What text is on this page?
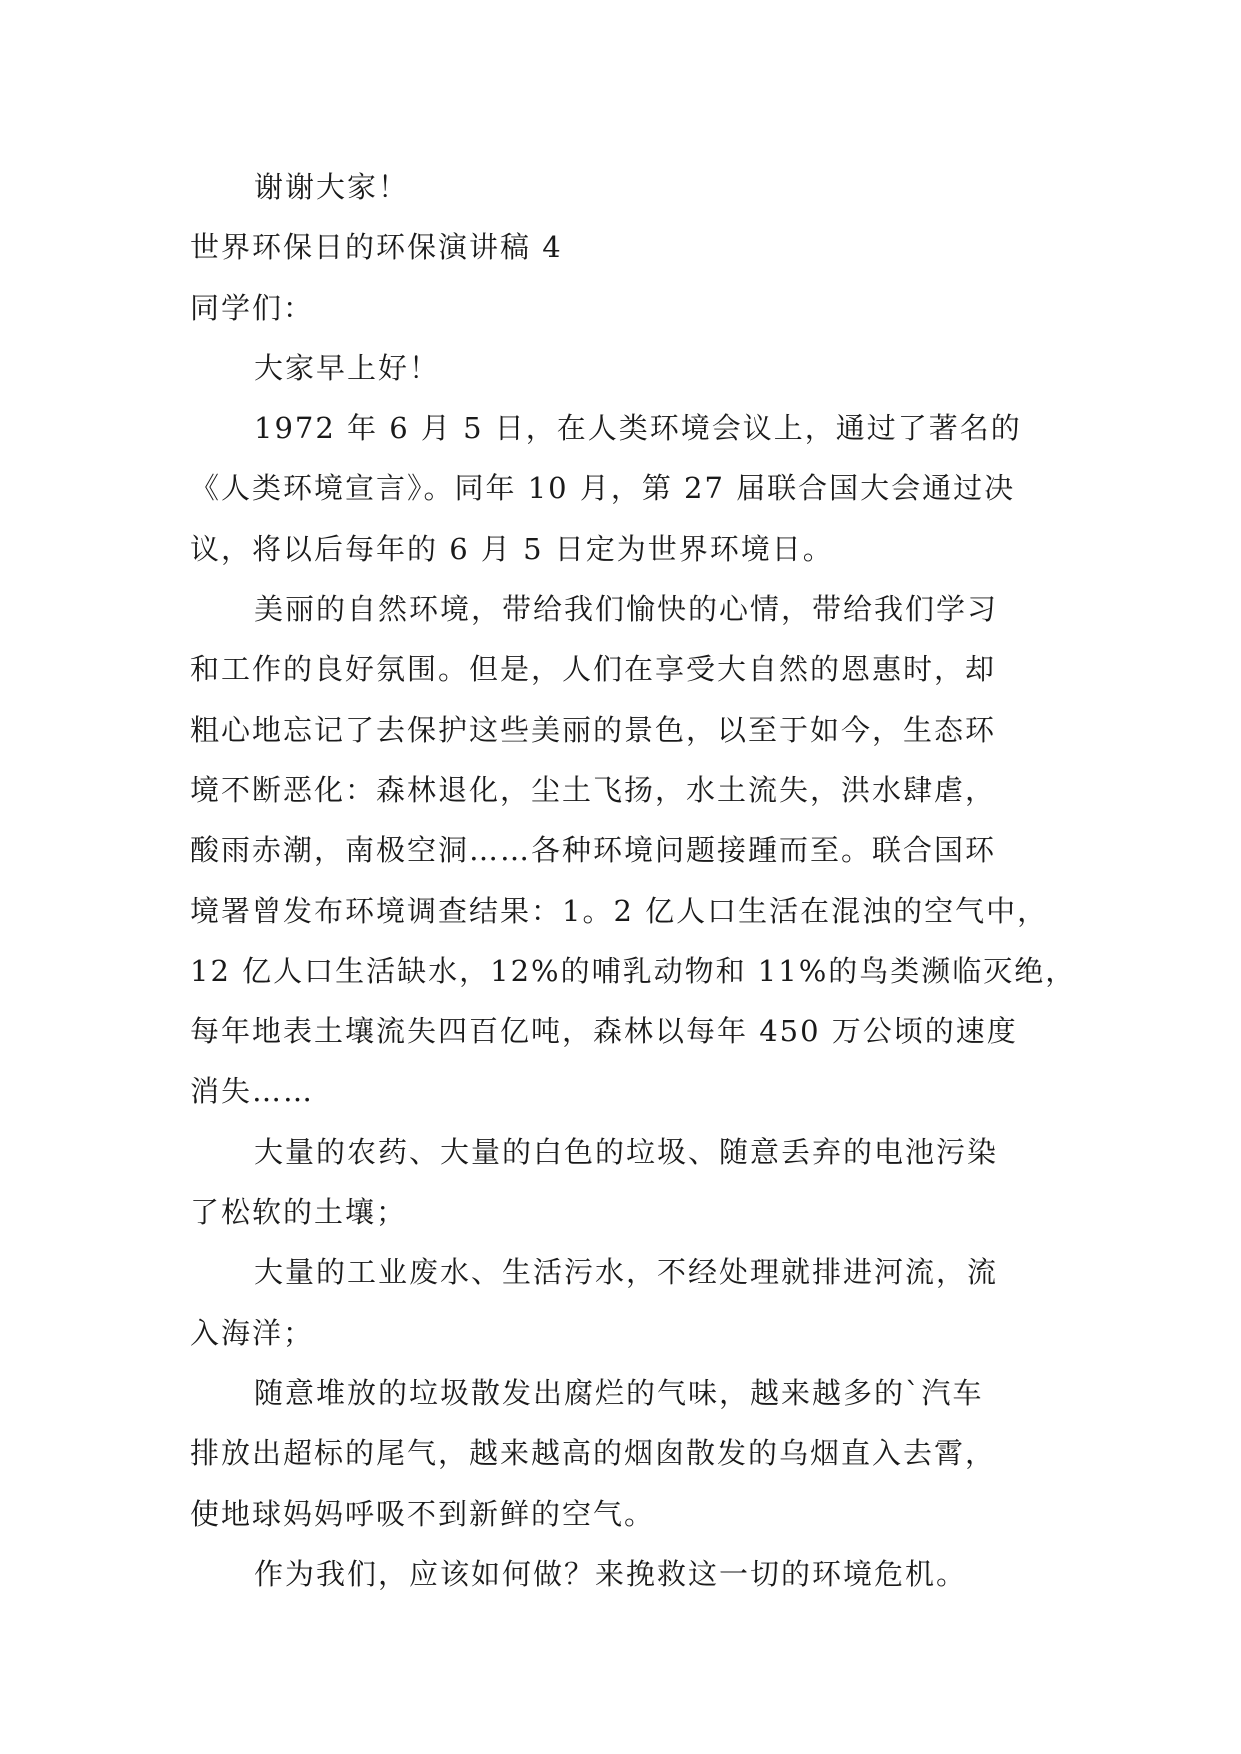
谢谢大家！
世界环保日的环保演讲稿 4
同学们：
大家早上好！
1972 年 6 月 5 日，在人类环境会议上，通过了著名的
《人类环境宣言》。同年 10 月，第 27 届联合国大会通过决
议，将以后每年的 6 月 5 日定为世界环境日。
美丽的自然环境，带给我们愉快的心情，带给我们学习
和工作的良好氛围。但是，人们在享受大自然的恩惠时，却
粗心地忘记了去保护这些美丽的景色，以至于如今，生态环
境不断恶化：森林退化，尘土飞扬，水土流失，洪水肆虐，
酸雨赤潮，南极空洞……各种环境问题接踵而至。联合国环
境署曾发布环境调查结果：1。2 亿人口生活在混浊的空气中，
12 亿人口生活缺水，12%的哺乳动物和 11%的鸟类濒临灭绝，
每年地表土壤流失四百亿吨，森林以每年 450 万公顷的速度
消失……
大量的农药、大量的白色的垃圾、随意丢弃的电池污染
了松软的土壤；
大量的工业废水、生活污水，不经处理就排进河流，流
入海洋；
随意堆放的垃圾散发出腐烂的气味，越来越多的`汽车
排放出超标的尾气，越来越高的烟囱散发的乌烟直入去霄，
使地球妈妈呼吸不到新鲜的空气。
作为我们，应该如何做？来挽救这一切的环境危机。
